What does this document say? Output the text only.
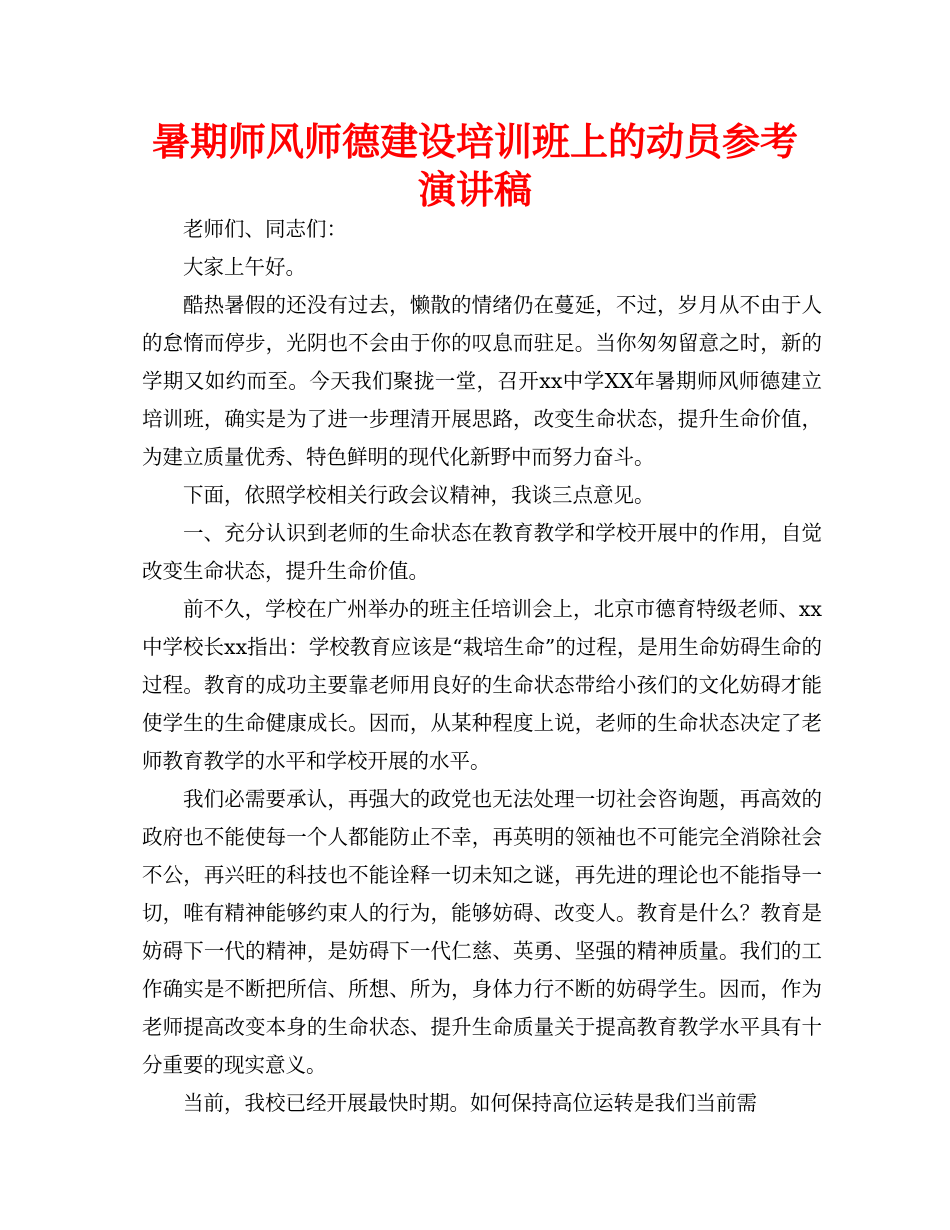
暑期师风师德建设培训班上的动员参考演讲稿

老师们、同志们：

大家上午好。

酷热暑假的还没有过去，懒散的情绪仍在蔓延，不过，岁月从不由于人的怠惰而停步，光阴也不会由于你的叹息而驻足。当你匆匆留意之时，新的学期又如约而至。今天我们聚拢一堂，召开xx中学XX年暑期师风师德建立培训班，确实是为了进一步理清开展思路，改变生命状态，提升生命价值，为建立质量优秀、特色鲜明的现代化新野中而努力奋斗。

下面，依照学校相关行政会议精神，我谈三点意见。

一、充分认识到老师的生命状态在教育教学和学校开展中的作用，自觉改变生命状态，提升生命价值。

前不久，学校在广州举办的班主任培训会上，北京市德育特级老师、xx中学校长xx指出：学校教育应该是“栽培生命”的过程，是用生命妨碍生命的过程。教育的成功主要靠老师用良好的生命状态带给小孩们的文化妨碍才能使学生的生命健康成长。因而，从某种程度上说，老师的生命状态决定了老师教育教学的水平和学校开展的水平。

我们必需要承认，再强大的政党也无法处理一切社会咨询题，再高效的政府也不能使每一个人都能防止不幸，再英明的领袖也不可能完全消除社会不公，再兴旺的科技也不能诠释一切未知之谜，再先进的理论也不能指导一切，唯有精神能够约束人的行为，能够妨碍、改变人。教育是什么？教育是妨碍下一代的精神，是妨碍下一代仁慈、英勇、坚强的精神质量。我们的工作确实是不断把所信、所想、所为，身体力行不断的妨碍学生。因而，作为老师提高改变本身的生命状态、提升生命质量关于提高教育教学水平具有十分重要的现实意义。

当前，我校已经开展最快时期。如何保持高位运转是我们当前需
